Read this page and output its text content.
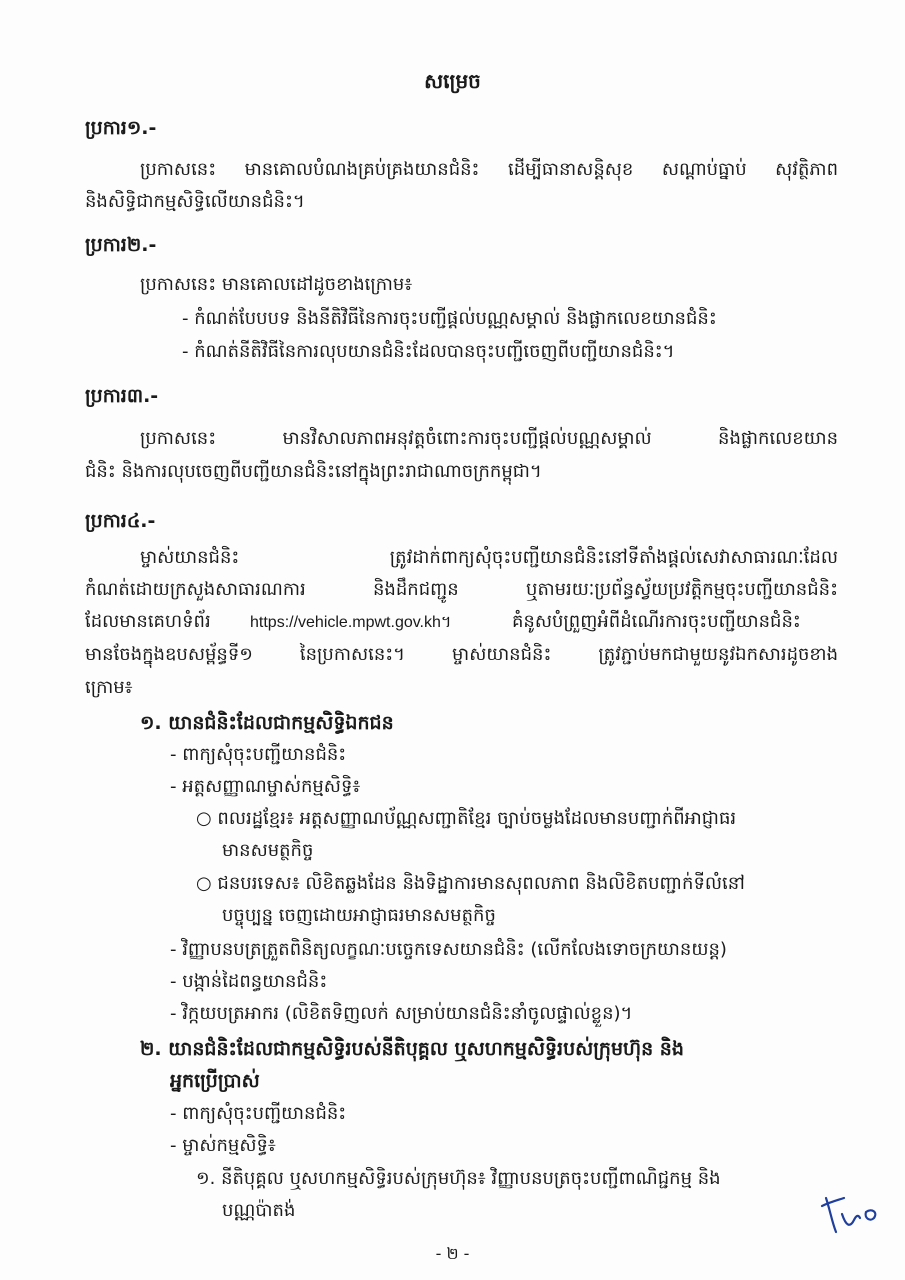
សម្រេច
ប្រការ១.-
ប្រកាសនេះ មានគោលបំណងគ្រប់គ្រងយានជំនិះ ដើម្បីធានាសន្តិសុខ សណ្តាប់ធ្នាប់ សុវត្ថិភាព
និងសិទ្ធិជាកម្មសិទ្ធិលើយានជំនិះ។
ប្រការ២.-
ប្រកាសនេះ មានគោលដៅដូចខាងក្រោម៖
- កំណត់បែបបទ និងនីតិវិធីនៃការចុះបញ្ជីផ្តល់បណ្ណសម្គាល់ និងផ្លាកលេខយានជំនិះ
- កំណត់នីតិវិធីនៃការលុបយានជំនិះដែលបានចុះបញ្ជីចេញពីបញ្ជីយានជំនិះ។
ប្រការ៣.-
ប្រកាសនេះ មានវិសាលភាពអនុវត្តចំពោះការចុះបញ្ជីផ្តល់បណ្ណសម្គាល់ និងផ្លាកលេខយាន
ជំនិះ និងការលុបចេញពីបញ្ជីយានជំនិះនៅក្នុងព្រះរាជាណាចក្រកម្ពុជា។
ប្រការ៤.-
ម្ចាស់យានជំនិះ ត្រូវដាក់ពាក្យសុំចុះបញ្ជីយានជំនិះនៅទីតាំងផ្តល់សេវាសាធារណៈដែល
កំណត់ដោយក្រសួងសាធារណការ និងដឹកជញ្ជូន ឬតាមរយៈប្រព័ន្ធស្វ័យប្រវត្តិកម្មចុះបញ្ជីយានជំនិះ
ដែលមានគេហទំព័រ https://vehicle.mpwt.gov.kh។	គំនូសបំព្រួញអំពីដំណើរការចុះបញ្ជីយានជំនិះ
មានចែងក្នុងឧបសម្ព័ន្ធទី១ នៃប្រកាសនេះ។ ម្ចាស់យានជំនិះ ត្រូវភ្ជាប់មកជាមួយនូវឯកសារដូចខាង
ក្រោម៖
១. យានជំនិះដែលជាកម្មសិទ្ធិឯកជន
- ពាក្យសុំចុះបញ្ជីយានជំនិះ
- អត្តសញ្ញាណម្ចាស់កម្មសិទ្ធិ៖
○ ពលរដ្ឋខ្មែរ៖ អត្តសញ្ញាណប័ណ្ណសញ្ជាតិខ្មែរ ច្បាប់ចម្លងដែលមានបញ្ជាក់ពីអាជ្ញាធរ
មានសមត្ថកិច្ច
○ ជនបរទេស៖ លិខិតឆ្លងដែន និងទិដ្ឋាការមានសុពលភាព និងលិខិតបញ្ជាក់ទីលំនៅ
បច្ចុប្បន្ន ចេញដោយអាជ្ញាធរមានសមត្ថកិច្ច
- វិញ្ញាបនបត្រត្រួតពិនិត្យលក្ខណៈបច្ចេកទេសយានជំនិះ (លើកលែងទោចក្រយានយន្ត)
- បង្កាន់ដៃពន្ធយានជំនិះ
- វិក្កយបត្រអាករ (លិខិតទិញលក់ សម្រាប់យានជំនិះនាំចូលផ្ទាល់ខ្លួន)។
២. យានជំនិះដែលជាកម្មសិទ្ធិរបស់នីតិបុគ្គល ឬសហកម្មសិទ្ធិរបស់ក្រុមហ៊ុន និង
អ្នកប្រើប្រាស់
- ពាក្យសុំចុះបញ្ជីយានជំនិះ
- ម្ចាស់កម្មសិទ្ធិ៖
១. នីតិបុគ្គល ឬសហកម្មសិទ្ធិរបស់ក្រុមហ៊ុន៖ វិញ្ញាបនបត្រចុះបញ្ជីពាណិជ្ជកម្ម និង
បណ្ណប៉ាតង់
- ២ -
